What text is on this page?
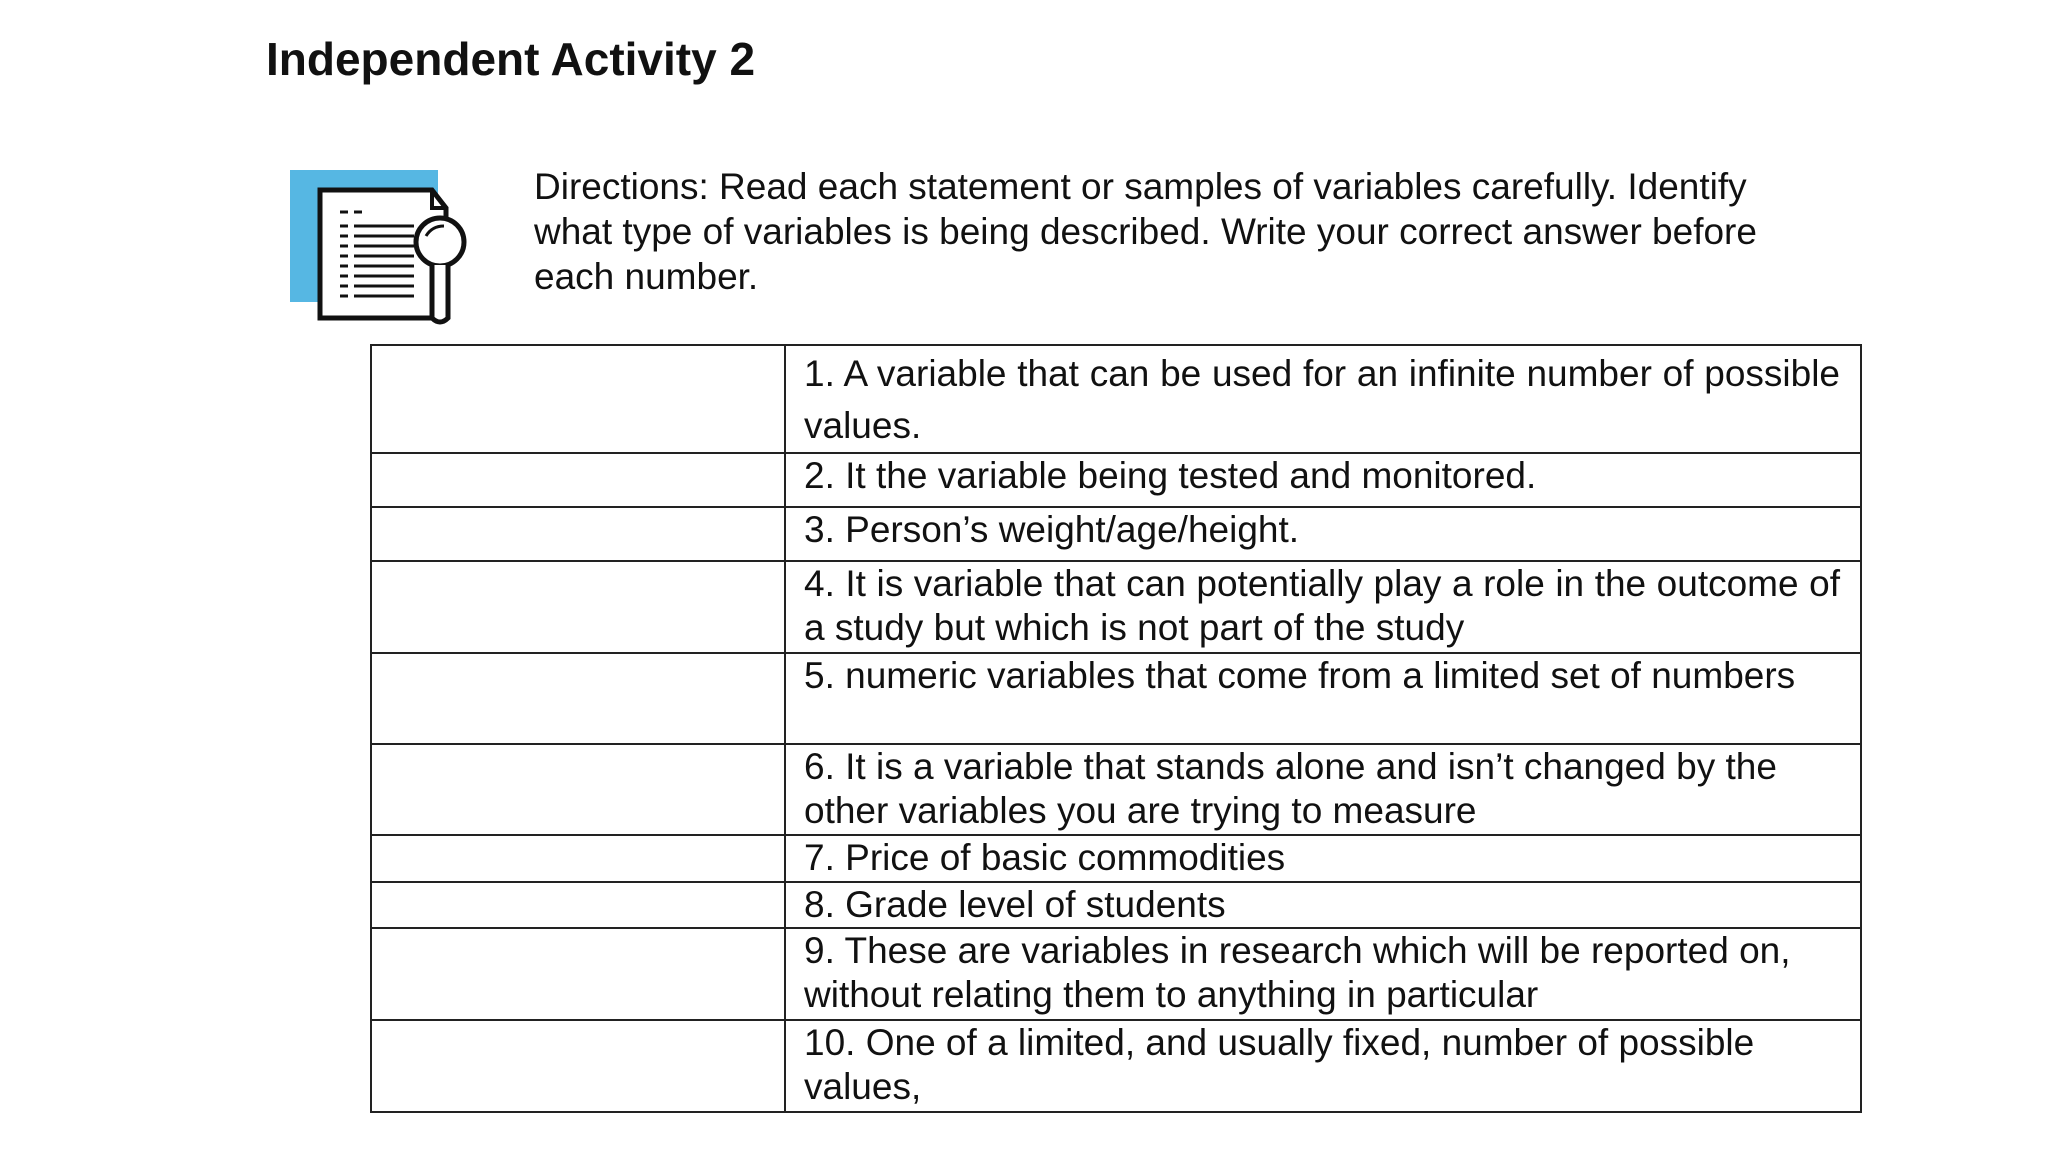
Independent Activity 2

Directions: Read each statement or samples of variables carefully. Identify what type of variables is being described. Write your correct answer before each number.

	1. A variable that can be used for an infinite number of possible values.
	2. It the variable being tested and monitored.
	3. Person’s weight/age/height.
	4. It is variable that can potentially play a role in the outcome of a study but which is not part of the study
	5. numeric variables that come from a limited set of numbers
	6. It is a variable that stands alone and isn’t changed by the other variables you are trying to measure
	7. Price of basic commodities
	8. Grade level of students
	9. These are variables in research which will be reported on, without relating them to anything in particular
	10. One of a limited, and usually fixed, number of possible values,
